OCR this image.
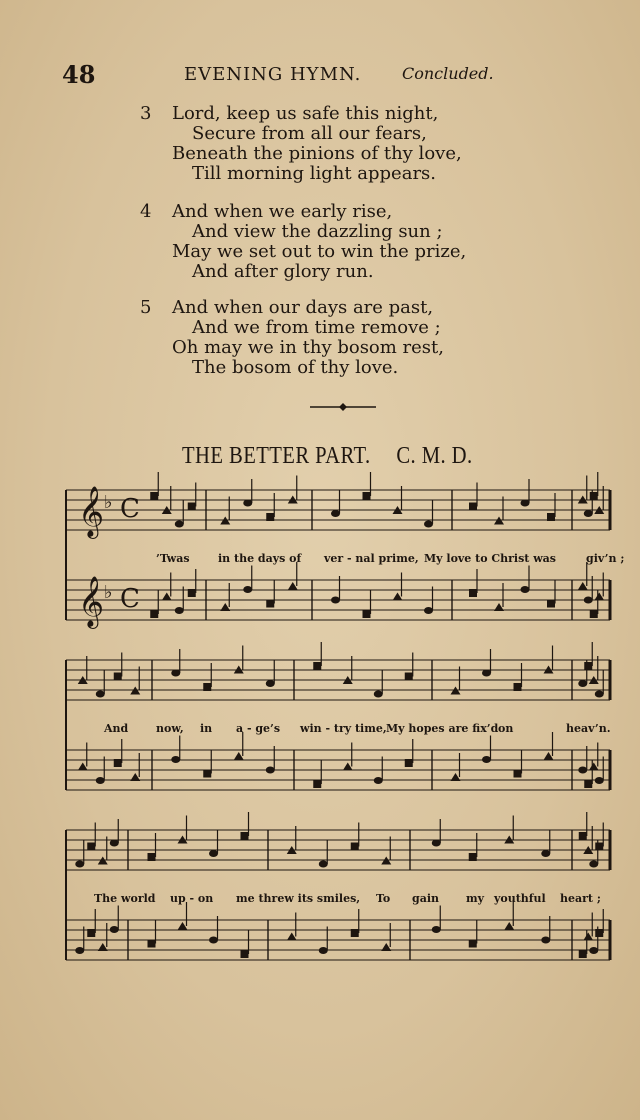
48	EVENING HYMN.	Concluded.
3	Lord, keep us safe this night,
Secure from all our fears,
Beneath the pinions of thy love,
Till morning light appears.
4	And when we early rise,
And view the dazzling sun ;
May we set out to win the prize,
And after glory run.
5	And when our days are past,
And we from time remove ;
Oh may we in thy bosom rest,
The bosom of thy love.
THE BETTER PART. C. M. D.
𝄞 ♭ C
𝄞 ♭ C
’Twas	in the days of ver - nal prime, My love to Christ was	giv’n ;
And	now, in a - ge’s win - try time, My hopes are fix’d on	heav’n.
The world up - on me threw its smiles, To gain my youthful heart ;
